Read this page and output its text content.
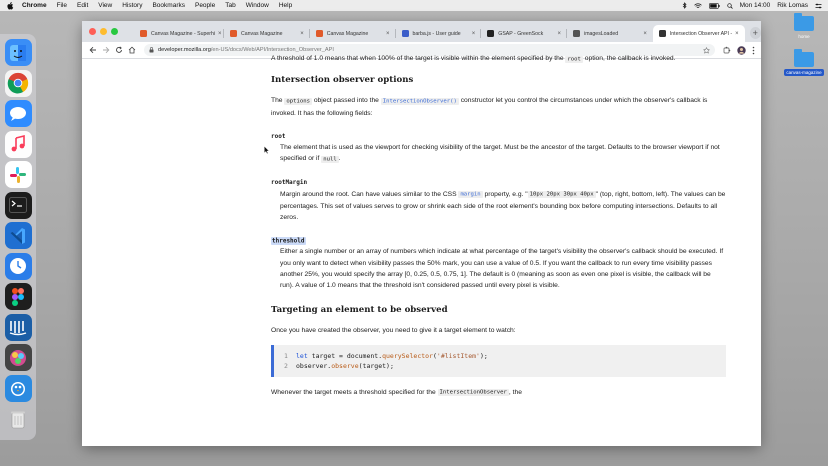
Chrome File Edit View History Bookmarks People Tab Window Help	Mon 14:00 Rik Lomas
home
canvas-magazine
Canvas Magazine - Superhi ×	Canvas Magazine	×	Canvas Magazine	×	barba.js - User guide	×	GSAP - GreenSock	×	imagesLoaded	×	Intersection Observer API - ×	+
developer.mozilla.org /en-US/docs/Web/API/Intersection_Observer_API

A threshold of 1.0 means that when 100% of the target is visible within the element specified by the root option, the callback is invoked.

Intersection observer options

The options object passed into the IntersectionObserver() constructor let you control the circumstances under which the observer's callback is invoked. It has the following fields:

root
The element that is used as the viewport for checking visibility of the target. Must be the ancestor of the target. Defaults to the browser viewport if not specified or if null .
rootMargin
Margin around the root. Can have values similar to the CSS margin property, e.g. " 10px 20px 30px 40px " (top, right, bottom, left). The values can be percentages. This set of values serves to grow or shrink each side of the root element's bounding box before computing intersections. Defaults to all zeros.
threshold
Either a single number or an array of numbers which indicate at what percentage of the target's visibility the observer's callback should be executed. If you only want to detect when visibility passes the 50% mark, you can use a value of 0.5. If you want the callback to run every time visibility passes another 25%, you would specify the array [0, 0.25, 0.5, 0.75, 1]. The default is 0 (meaning as soon as even one pixel is visible, the callback will be run). A value of 1.0 means that the threshold isn't considered passed until every pixel is visible.
Targeting an element to be observed

Once you have created the observer, you need to give it a target element to watch:

1 let target = document.querySelector('#listItem');
2 observer.observe(target);

Whenever the target meets a threshold specified for the IntersectionObserver , the
